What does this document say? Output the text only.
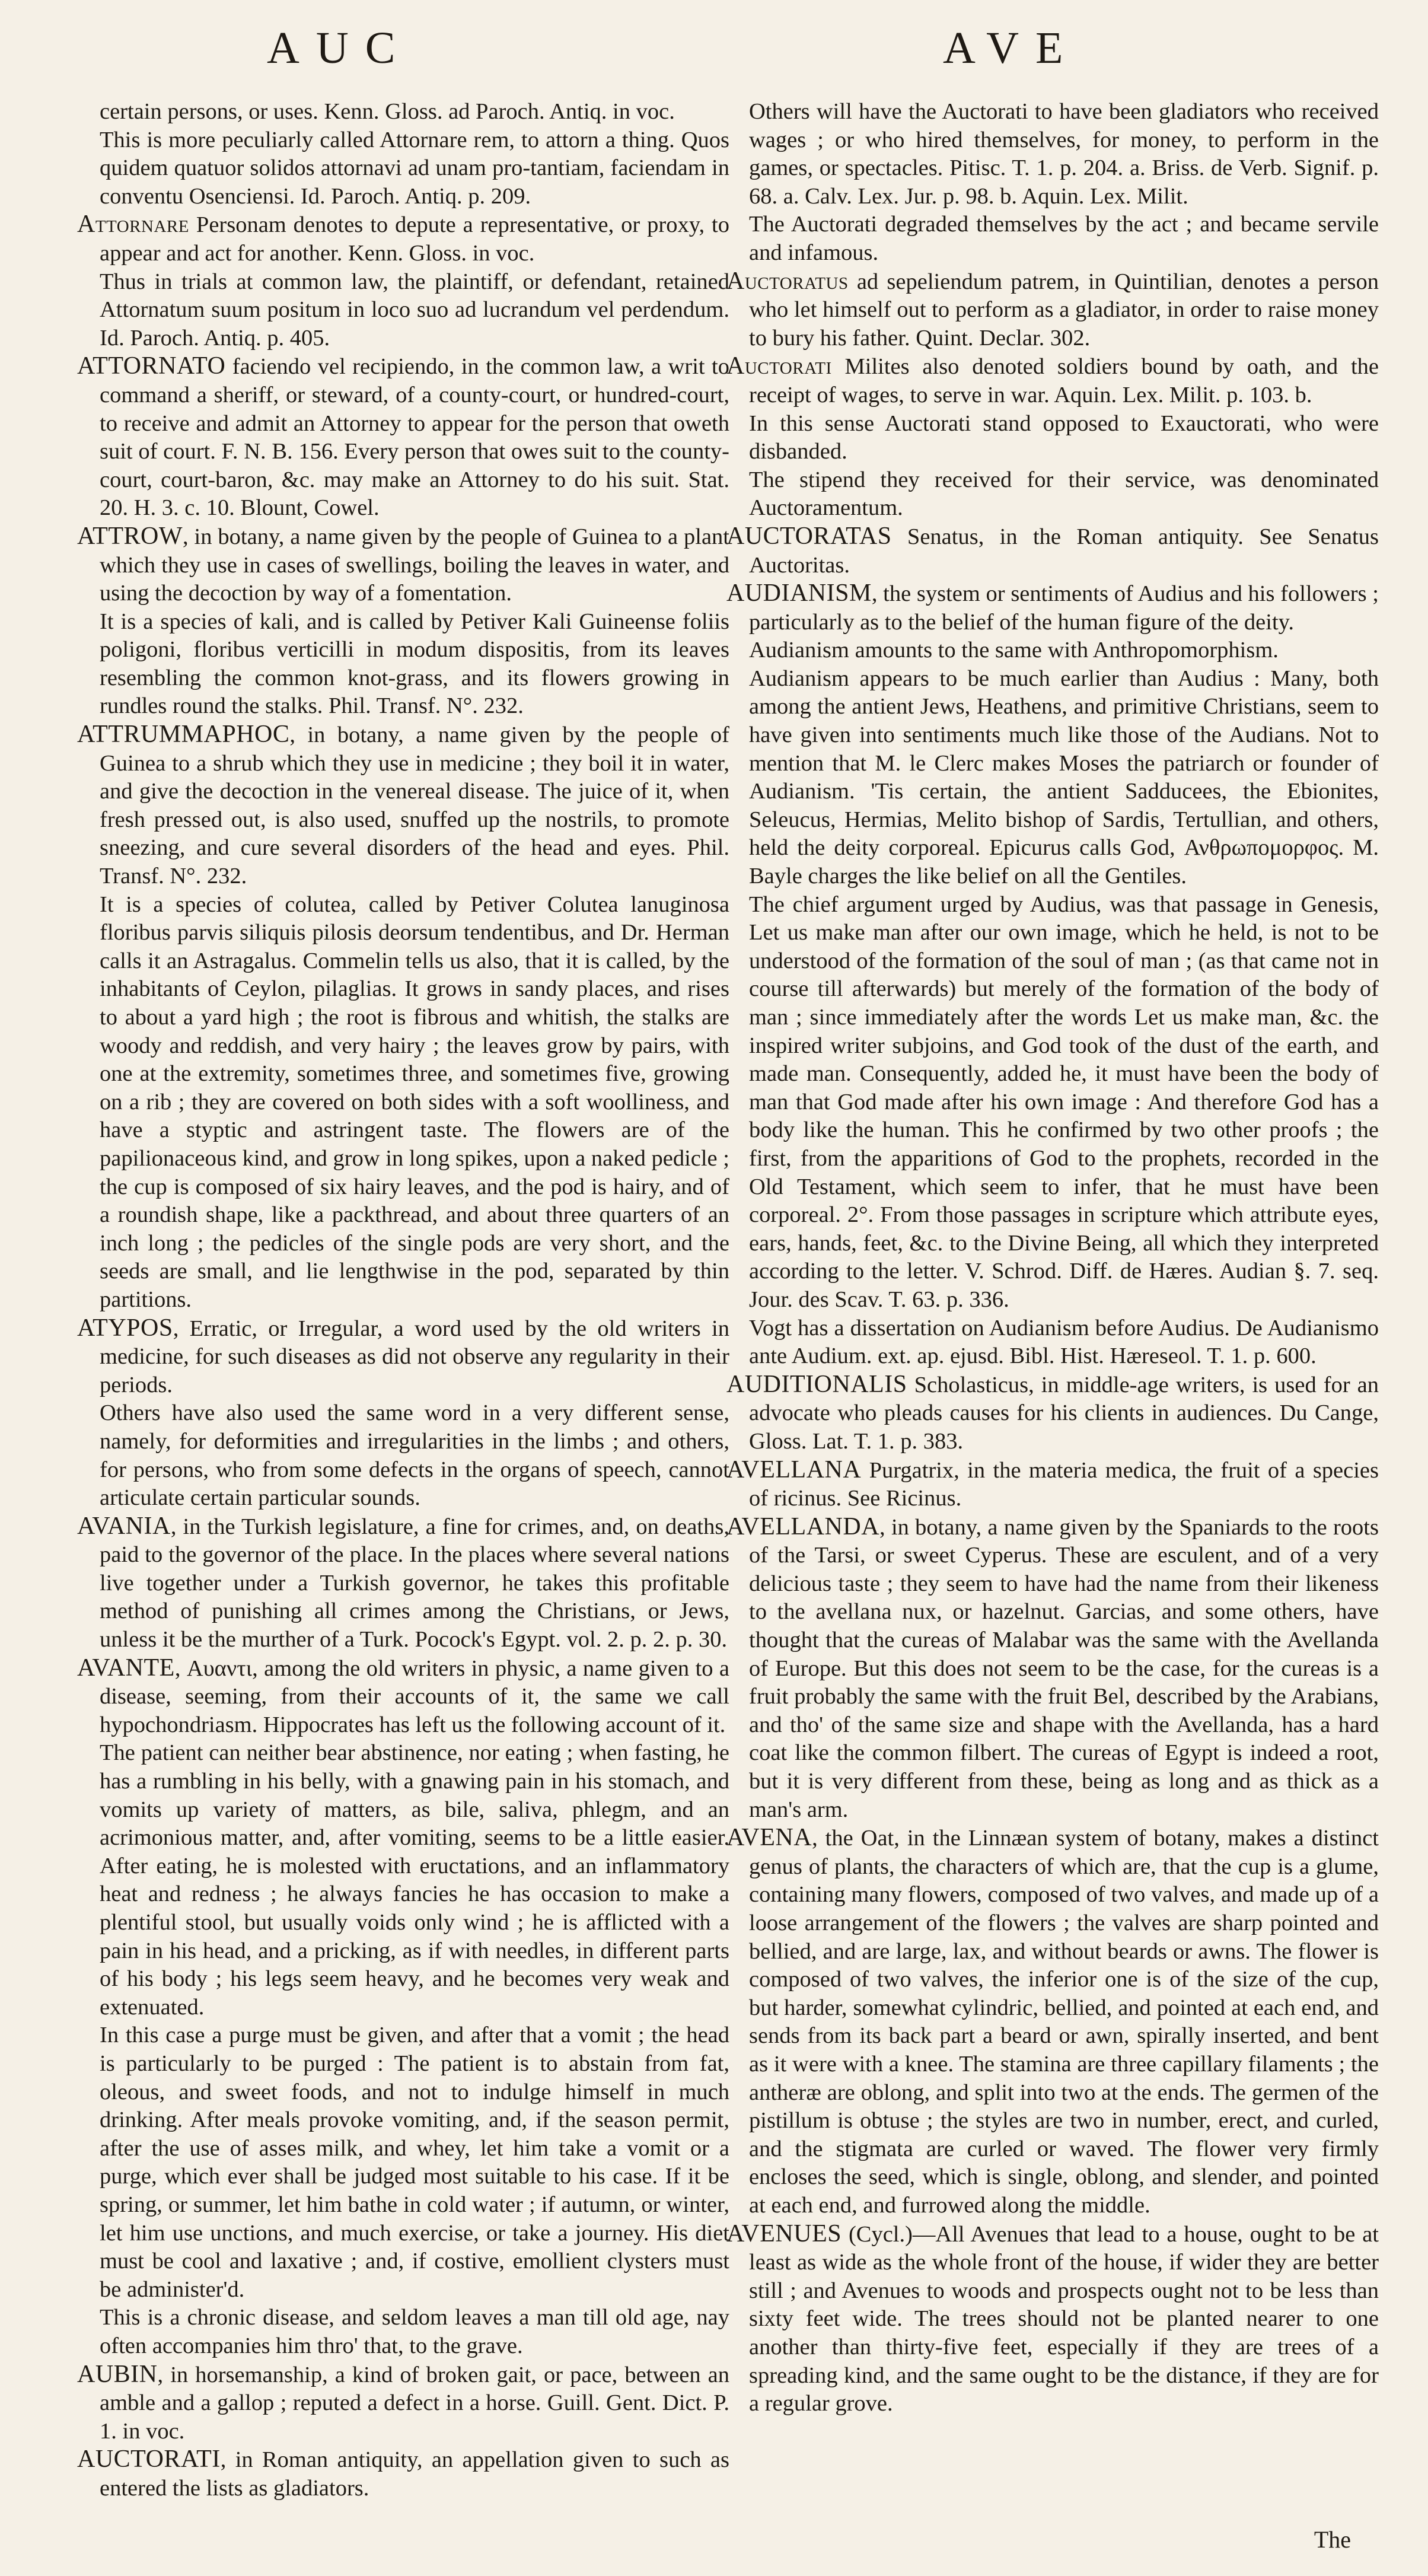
AUC	AVE

certain persons, or uses. Kenn. Gloss. ad Paroch. Antiq. in voc.

This is more peculiarly called Attornare rem, to attorn a thing. Quos quidem quatuor solidos attornavi ad unam pro-tantiam, faciendam in conventu Osenciensi. Id. Paroch. Antiq. p. 209.

Attornare Personam denotes to depute a representative, or proxy, to appear and act for another. Kenn. Gloss. in voc.

Thus in trials at common law, the plaintiff, or defendant, retained Attornatum suum positum in loco suo ad lucrandum vel perdendum. Id. Paroch. Antiq. p. 405.

ATTORNATO faciendo vel recipiendo, in the common law, a writ to command a sheriff, or steward, of a county-court, or hundred-court, to receive and admit an Attorney to appear for the person that oweth suit of court. F. N. B. 156. Every person that owes suit to the county-court, court-baron, &c. may make an Attorney to do his suit. Stat. 20. H. 3. c. 10. Blount, Cowel.

ATTROW, in botany, a name given by the people of Guinea to a plant which they use in cases of swellings, boiling the leaves in water, and using the decoction by way of a fomentation.

It is a species of kali, and is called by Petiver Kali Guineense foliis poligoni, floribus verticilli in modum dispositis, from its leaves resembling the common knot-grass, and its flowers growing in rundles round the stalks. Phil. Transf. N°. 232.

ATTRUMMAPHOC, in botany, a name given by the people of Guinea to a shrub which they use in medicine ; they boil it in water, and give the decoction in the venereal disease. The juice of it, when fresh pressed out, is also used, snuffed up the nostrils, to promote sneezing, and cure several disorders of the head and eyes. Phil. Transf. N°. 232.

It is a species of colutea, called by Petiver Colutea lanuginosa floribus parvis siliquis pilosis deorsum tendentibus, and Dr. Herman calls it an Astragalus. Commelin tells us also, that it is called, by the inhabitants of Ceylon, pilaglias. It grows in sandy places, and rises to about a yard high ; the root is fibrous and whitish, the stalks are woody and reddish, and very hairy ; the leaves grow by pairs, with one at the extremity, sometimes three, and sometimes five, growing on a rib ; they are covered on both sides with a soft woolliness, and have a styptic and astringent taste. The flowers are of the papilionaceous kind, and grow in long spikes, upon a naked pedicle ; the cup is composed of six hairy leaves, and the pod is hairy, and of a roundish shape, like a packthread, and about three quarters of an inch long ; the pedicles of the single pods are very short, and the seeds are small, and lie lengthwise in the pod, separated by thin partitions.

ATYPOS, Erratic, or Irregular, a word used by the old writers in medicine, for such diseases as did not observe any regularity in their periods.

Others have also used the same word in a very different sense, namely, for deformities and irregularities in the limbs ; and others, for persons, who from some defects in the organs of speech, cannot articulate certain particular sounds.

AVANIA, in the Turkish legislature, a fine for crimes, and, on deaths, paid to the governor of the place. In the places where several nations live together under a Turkish governor, he takes this profitable method of punishing all crimes among the Christians, or Jews, unless it be the murther of a Turk. Pocock's Egypt. vol. 2. p. 2. p. 30.

AVANTE, Αυαντι, among the old writers in physic, a name given to a disease, seeming, from their accounts of it, the same we call hypochondriasm. Hippocrates has left us the following account of it.

The patient can neither bear abstinence, nor eating ; when fasting, he has a rumbling in his belly, with a gnawing pain in his stomach, and vomits up variety of matters, as bile, saliva, phlegm, and an acrimonious matter, and, after vomiting, seems to be a little easier. After eating, he is molested with eructations, and an inflammatory heat and redness ; he always fancies he has occasion to make a plentiful stool, but usually voids only wind ; he is afflicted with a pain in his head, and a pricking, as if with needles, in different parts of his body ; his legs seem heavy, and he becomes very weak and extenuated.

In this case a purge must be given, and after that a vomit ; the head is particularly to be purged : The patient is to abstain from fat, oleous, and sweet foods, and not to indulge himself in much drinking. After meals provoke vomiting, and, if the season permit, after the use of asses milk, and whey, let him take a vomit or a purge, which ever shall be judged most suitable to his case. If it be spring, or summer, let him bathe in cold water ; if autumn, or winter, let him use unctions, and much exercise, or take a journey. His diet must be cool and laxative ; and, if costive, emollient clysters must be administer'd.

This is a chronic disease, and seldom leaves a man till old age, nay often accompanies him thro' that, to the grave.

AUBIN, in horsemanship, a kind of broken gait, or pace, between an amble and a gallop ; reputed a defect in a horse. Guill. Gent. Dict. P. 1. in voc.

AUCTORATI, in Roman antiquity, an appellation given to such as entered the lists as gladiators.

Others will have the Auctorati to have been gladiators who received wages ; or who hired themselves, for money, to perform in the games, or spectacles. Pitisc. T. 1. p. 204. a. Briss. de Verb. Signif. p. 68. a. Calv. Lex. Jur. p. 98. b. Aquin. Lex. Milit.

The Auctorati degraded themselves by the act ; and became servile and infamous.

Auctoratus ad sepeliendum patrem, in Quintilian, denotes a person who let himself out to perform as a gladiator, in order to raise money to bury his father. Quint. Declar. 302.

Auctorati Milites also denoted soldiers bound by oath, and the receipt of wages, to serve in war. Aquin. Lex. Milit. p. 103. b.

In this sense Auctorati stand opposed to Exauctorati, who were disbanded.

The stipend they received for their service, was denominated Auctoramentum.

AUCTORATAS Senatus, in the Roman antiquity. See Senatus Auctoritas.

AUDIANISM, the system or sentiments of Audius and his followers ; particularly as to the belief of the human figure of the deity.

Audianism amounts to the same with Anthropomorphism.

Audianism appears to be much earlier than Audius : Many, both among the antient Jews, Heathens, and primitive Christians, seem to have given into sentiments much like those of the Audians. Not to mention that M. le Clerc makes Moses the patriarch or founder of Audianism. 'Tis certain, the antient Sadducees, the Ebionites, Seleucus, Hermias, Melito bishop of Sardis, Tertullian, and others, held the deity corporeal. Epicurus calls God, Ανθρωπομορφος. M. Bayle charges the like belief on all the Gentiles.

The chief argument urged by Audius, was that passage in Genesis, Let us make man after our own image, which he held, is not to be understood of the formation of the soul of man ; (as that came not in course till afterwards) but merely of the formation of the body of man ; since immediately after the words Let us make man, &c. the inspired writer subjoins, and God took of the dust of the earth, and made man. Consequently, added he, it must have been the body of man that God made after his own image : And therefore God has a body like the human. This he confirmed by two other proofs ; the first, from the apparitions of God to the prophets, recorded in the Old Testament, which seem to infer, that he must have been corporeal. 2°. From those passages in scripture which attribute eyes, ears, hands, feet, &c. to the Divine Being, all which they interpreted according to the letter. V. Schrod. Diff. de Hæres. Audian §. 7. seq. Jour. des Scav. T. 63. p. 336.

Vogt has a dissertation on Audianism before Audius. De Audianismo ante Audium. ext. ap. ejusd. Bibl. Hist. Hæreseol. T. 1. p. 600.

AUDITIONALIS Scholasticus, in middle-age writers, is used for an advocate who pleads causes for his clients in audiences. Du Cange, Gloss. Lat. T. 1. p. 383.

AVELLANA Purgatrix, in the materia medica, the fruit of a species of ricinus. See Ricinus.

AVELLANDA, in botany, a name given by the Spaniards to the roots of the Tarsi, or sweet Cyperus. These are esculent, and of a very delicious taste ; they seem to have had the name from their likeness to the avellana nux, or hazelnut. Garcias, and some others, have thought that the cureas of Malabar was the same with the Avellanda of Europe. But this does not seem to be the case, for the cureas is a fruit probably the same with the fruit Bel, described by the Arabians, and tho' of the same size and shape with the Avellanda, has a hard coat like the common filbert. The cureas of Egypt is indeed a root, but it is very different from these, being as long and as thick as a man's arm.

AVENA, the Oat, in the Linnæan system of botany, makes a distinct genus of plants, the characters of which are, that the cup is a glume, containing many flowers, composed of two valves, and made up of a loose arrangement of the flowers ; the valves are sharp pointed and bellied, and are large, lax, and without beards or awns. The flower is composed of two valves, the inferior one is of the size of the cup, but harder, somewhat cylindric, bellied, and pointed at each end, and sends from its back part a beard or awn, spirally inserted, and bent as it were with a knee. The stamina are three capillary filaments ; the antheræ are oblong, and split into two at the ends. The germen of the pistillum is obtuse ; the styles are two in number, erect, and curled, and the stigmata are curled or waved. The flower very firmly encloses the seed, which is single, oblong, and slender, and pointed at each end, and furrowed along the middle.

AVENUES (Cycl.)—All Avenues that lead to a house, ought to be at least as wide as the whole front of the house, if wider they are better still ; and Avenues to woods and prospects ought not to be less than sixty feet wide. The trees should not be planted nearer to one another than thirty-five feet, especially if they are trees of a spreading kind, and the same ought to be the distance, if they are for a regular grove.

The
